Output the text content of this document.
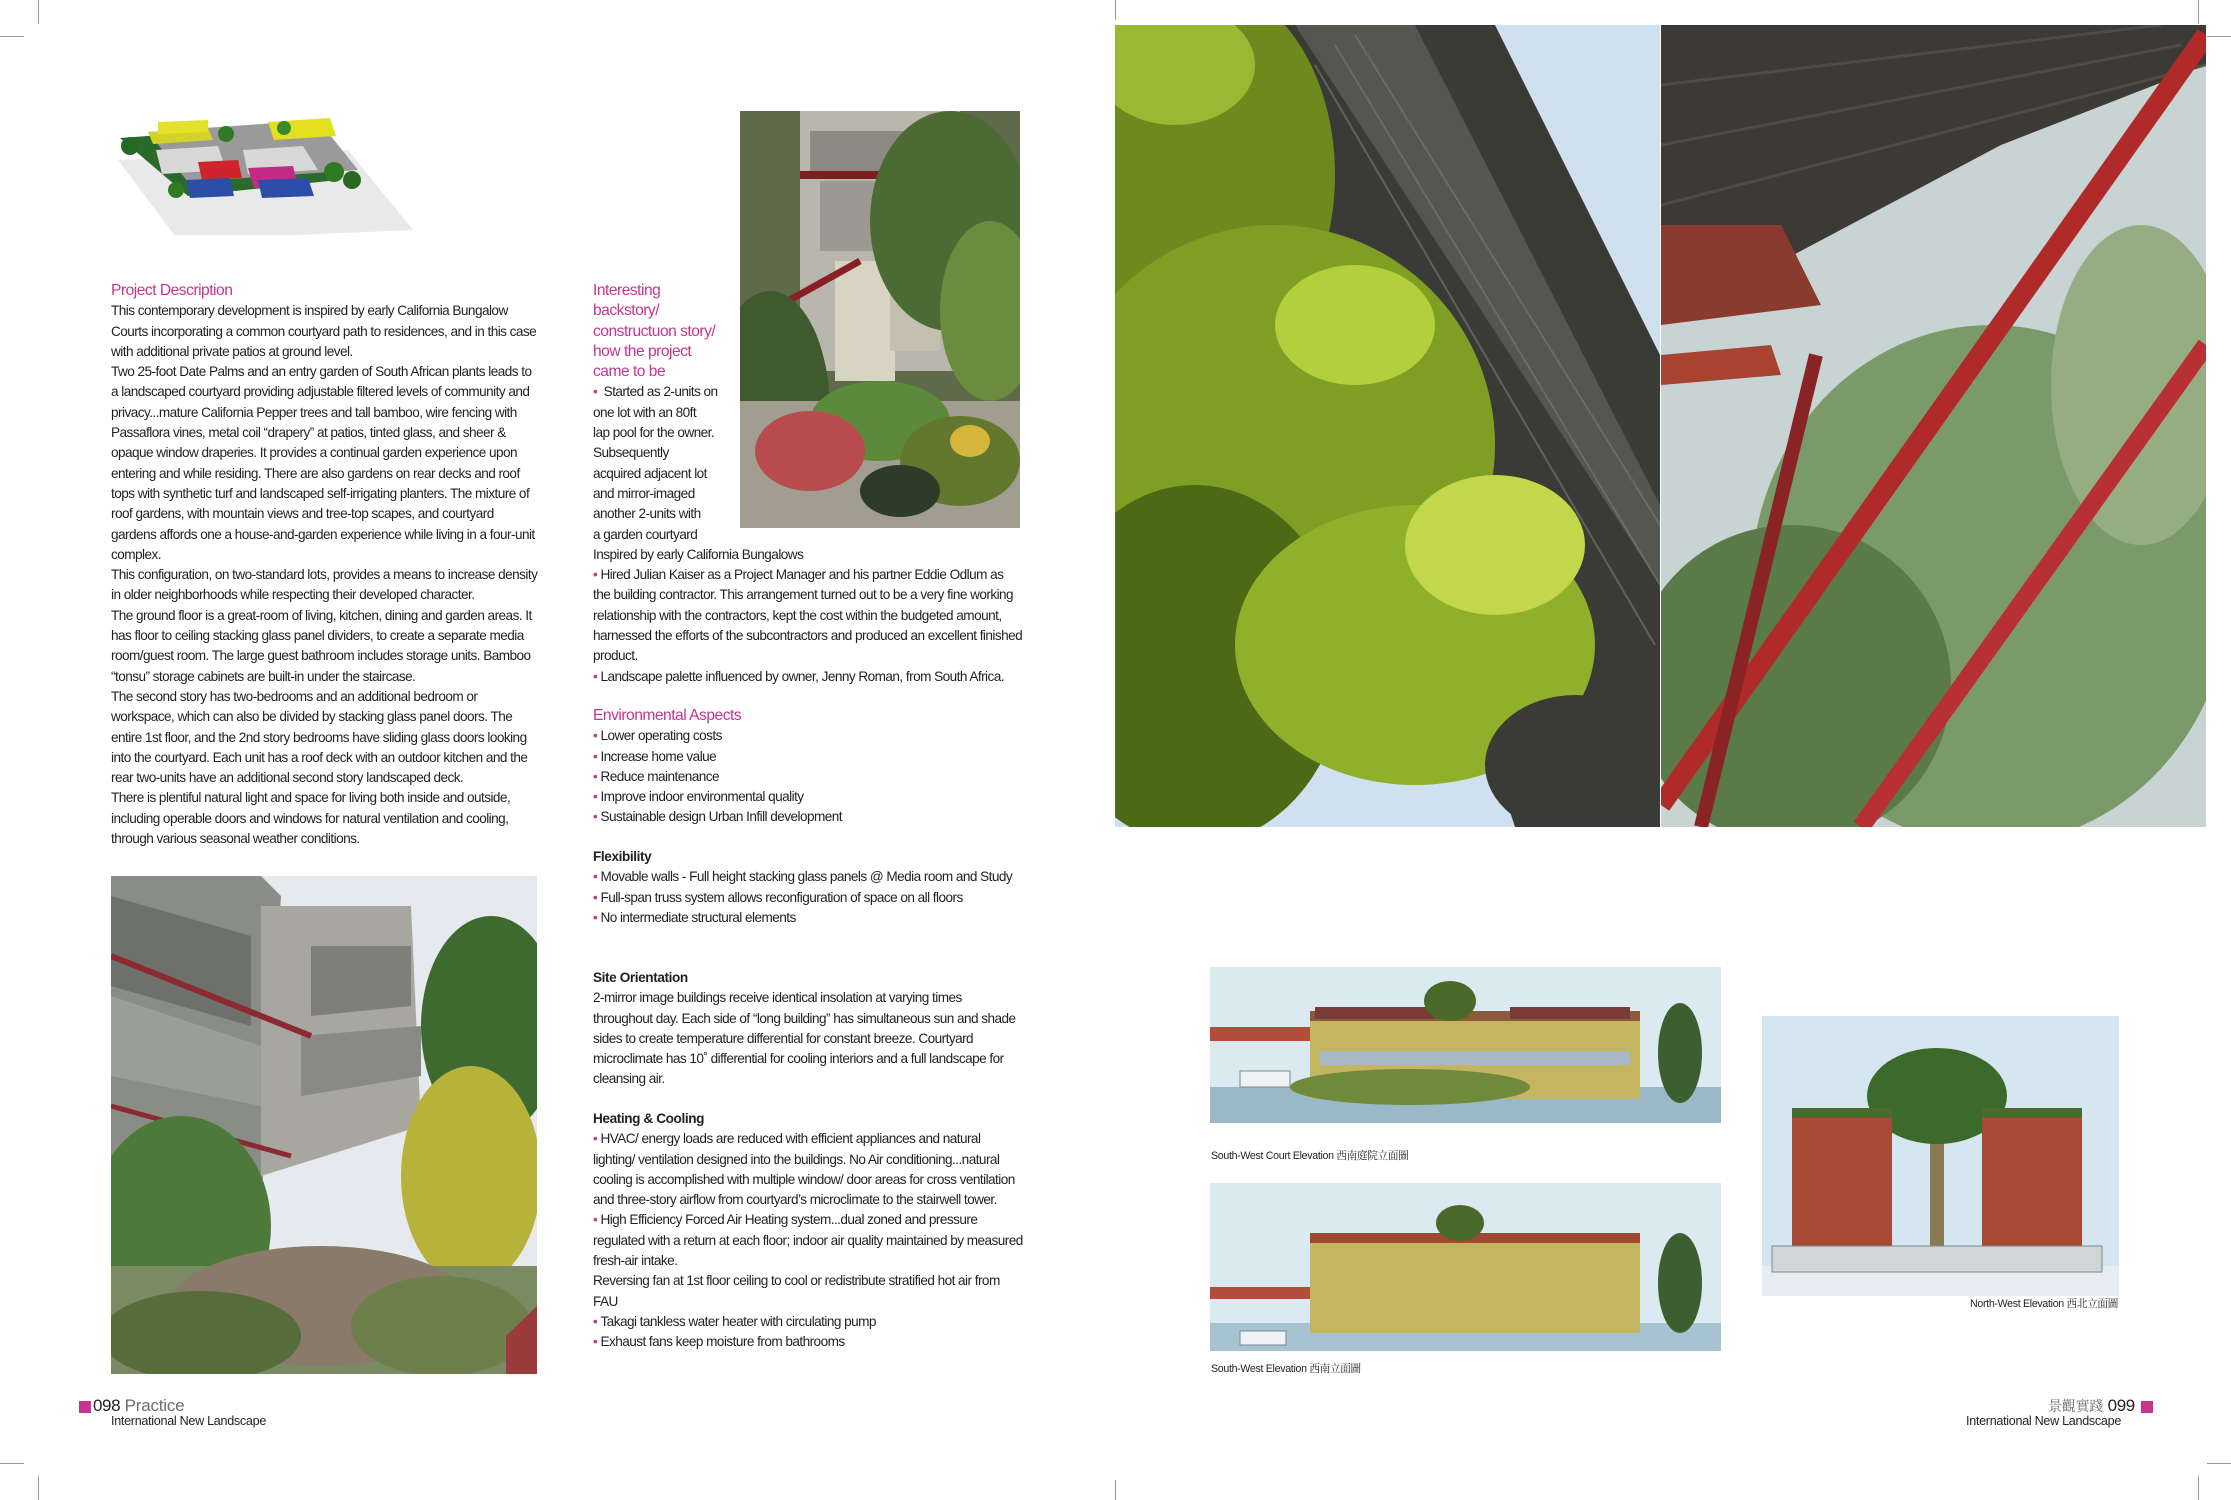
Project Description
This contemporary development is inspired by early California Bungalow Courts incorporating a common courtyard path to residences, and in this case with additional private patios at ground level.
Two 25-foot Date Palms and an entry garden of South African plants leads to a landscaped courtyard providing adjustable filtered levels of community and privacy...mature California Pepper trees and tall bamboo, wire fencing with Passaflora vines, metal coil “drapery” at patios, tinted glass, and sheer & opaque window draperies. It provides a continual garden experience upon entering and while residing. There are also gardens on rear decks and roof tops with synthetic turf and landscaped self-irrigating planters. The mixture of roof gardens, with mountain views and tree-top scapes, and courtyard gardens affords one a house-and-garden experience while living in a four-unit complex.
This configuration, on two-standard lots, provides a means to increase density in older neighborhoods while respecting their developed character.
The ground floor is a great-room of living, kitchen, dining and garden areas. It has floor to ceiling stacking glass panel dividers, to create a separate media room/guest room. The large guest bathroom includes storage units. Bamboo “tonsu” storage cabinets are built-in under the staircase.
The second story has two-bedrooms and an additional bedroom or workspace, which can also be divided by stacking glass panel doors. The entire 1st floor, and the 2nd story bedrooms have sliding glass doors looking into the courtyard. Each unit has a roof deck with an outdoor kitchen and the rear two-units have an additional second story landscaped deck.
There is plentiful natural light and space for living both inside and outside, including operable doors and windows for natural ventilation and cooling, through various seasonal weather conditions.
Interesting
backstory/
constructuon story/
how the project
came to be
• Started as 2-units on
one lot with an 80ft
lap pool for the owner.
Subsequently
acquired adjacent lot
and mirror-imaged
another 2-units with
a garden courtyard
Inspired by early California Bungalows
• Hired Julian Kaiser as a Project Manager and his partner Eddie Odlum as the building contractor. This arrangement turned out to be a very fine working relationship with the contractors, kept the cost within the budgeted amount, harnessed the efforts of the subcontractors and produced an excellent finished product.
• Landscape palette influenced by owner, Jenny Roman, from South Africa.
Environmental Aspects
• Lower operating costs
• Increase home value
• Reduce maintenance
• Improve indoor environmental quality
• Sustainable design Urban Infill development
Flexibility
• Movable walls - Full height stacking glass panels @ Media room and Study
• Full-span truss system allows reconfiguration of space on all floors
• No intermediate structural elements
Site Orientation
2-mirror image buildings receive identical insolation at varying times throughout day. Each side of “long building” has simultaneous sun and shade sides to create temperature differential for constant breeze. Courtyard microclimate has 10˚ differential for cooling interiors and a full landscape for cleansing air.
Heating & Cooling
• HVAC/ energy loads are reduced with efficient appliances and natural lighting/ ventilation designed into the buildings. No Air conditioning...natural cooling is accomplished with multiple window/ door areas for cross ventilation and three-story airflow from courtyard’s microclimate to the stairwell tower.
• High Efficiency Forced Air Heating system...dual zoned and pressure regulated with a return at each floor; indoor air quality maintained by measured fresh-air intake.
Reversing fan at 1st floor ceiling to cool or redistribute stratified hot air from FAU
• Takagi tankless water heater with circulating pump
• Exhaust fans keep moisture from bathrooms
098 Practice
International New Landscape
South-West Court Elevation 西南庭院立面圖
South-West Elevation 西南立面圖
North-West Elevation 西北立面圖
景觀實踐 099
International New Landscape
